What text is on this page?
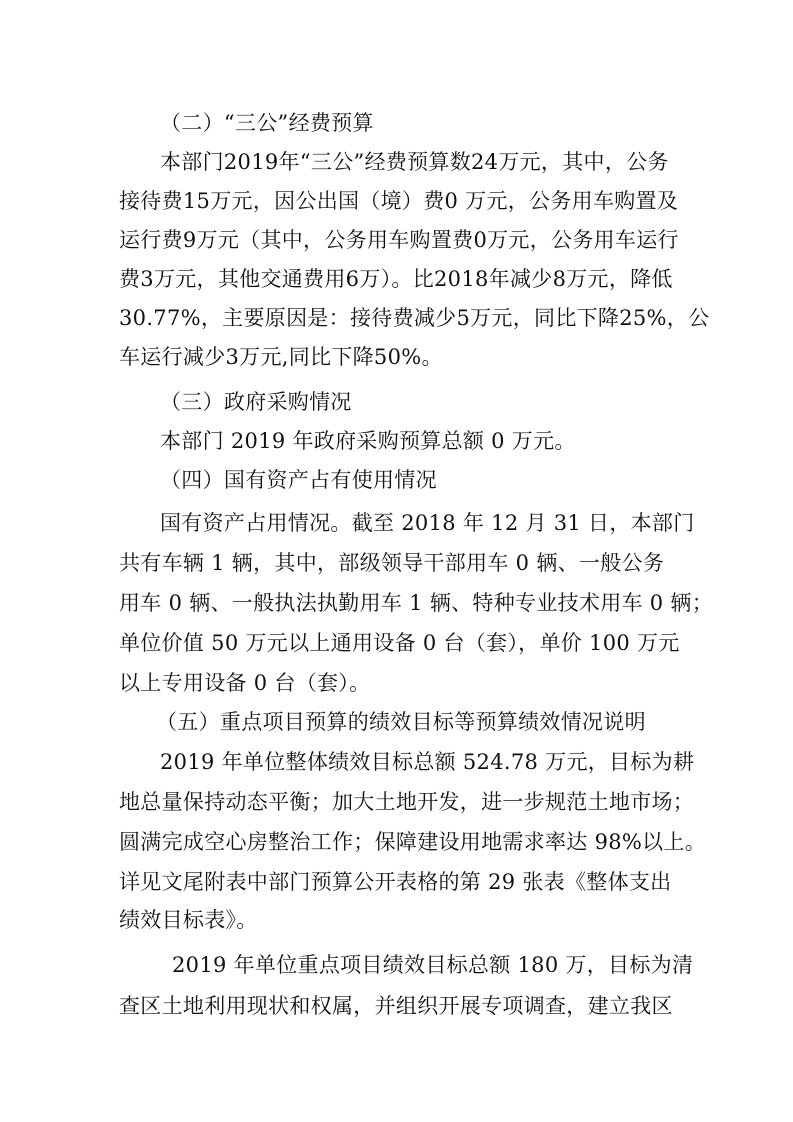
（二）“三公”经费预算
本部门2019年“三公”经费预算数24万元，其中，公务
接待费15万元，因公出国（境）费0 万元，公务用车购置及
运行费9万元（其中，公务用车购置费0万元，公务用车运行
费3万元，其他交通费用6万）。比2018年减少8万元，降低
30.77%，主要原因是：接待费减少5万元，同比下降25%，公
车运行减少3万元,同比下降50%。
（三）政府采购情况
本部门 2019 年政府采购预算总额 0 万元。
（四）国有资产占有使用情况
国有资产占用情况。截至 2018 年 12 月 31 日，本部门
共有车辆 1 辆，其中，部级领导干部用车 0 辆、一般公务
用车 0 辆、一般执法执勤用车 1 辆、特种专业技术用车 0 辆；
单位价值 50 万元以上通用设备 0 台（套），单价 100 万元
以上专用设备 0 台（套）。
（五）重点项目预算的绩效目标等预算绩效情况说明
2019 年单位整体绩效目标总额 524.78 万元，目标为耕
地总量保持动态平衡；加大土地开发，进一步规范土地市场；
圆满完成空心房整治工作；保障建设用地需求率达 98%以上。
详见文尾附表中部门预算公开表格的第 29 张表《整体支出
绩效目标表》。
2019 年单位重点项目绩效目标总额 180 万，目标为清
查区土地利用现状和权属，并组织开展专项调查，建立我区
